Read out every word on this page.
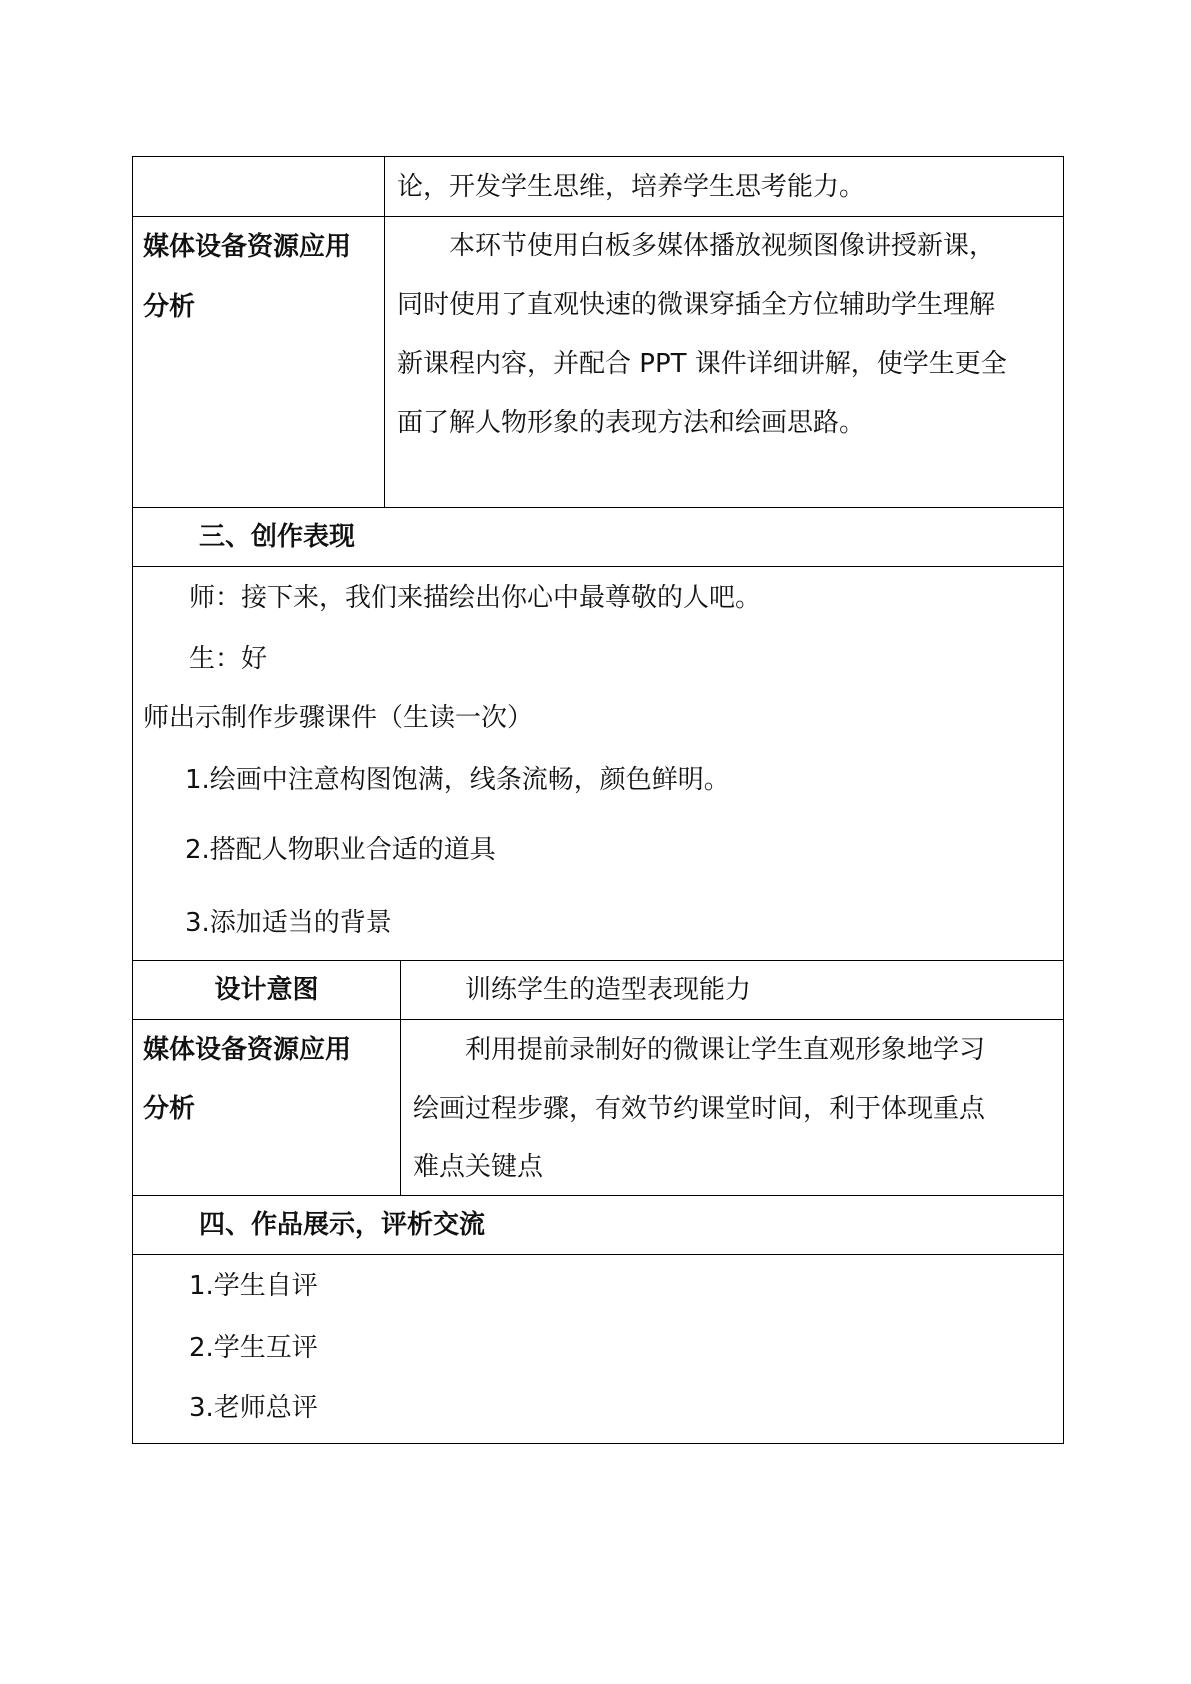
论，开发学生思维，培养学生思考能力。
媒体设备资源应用
分析
本环节使用白板多媒体播放视频图像讲授新课，
同时使用了直观快速的微课穿插全方位辅助学生理解
新课程内容，并配合 PPT 课件详细讲解，使学生更全
面了解人物形象的表现方法和绘画思路。
三、创作表现
师：接下来，我们来描绘出你心中最尊敬的人吧。
生：好
师出示制作步骤课件（生读一次）
1.绘画中注意构图饱满，线条流畅，颜色鲜明。
2.搭配人物职业合适的道具
3.添加适当的背景
设计意图	训练学生的造型表现能力
媒体设备资源应用
分析
利用提前录制好的微课让学生直观形象地学习
绘画过程步骤，有效节约课堂时间，利于体现重点
难点关键点
四、作品展示，评析交流
1.学生自评
2.学生互评
3.老师总评
